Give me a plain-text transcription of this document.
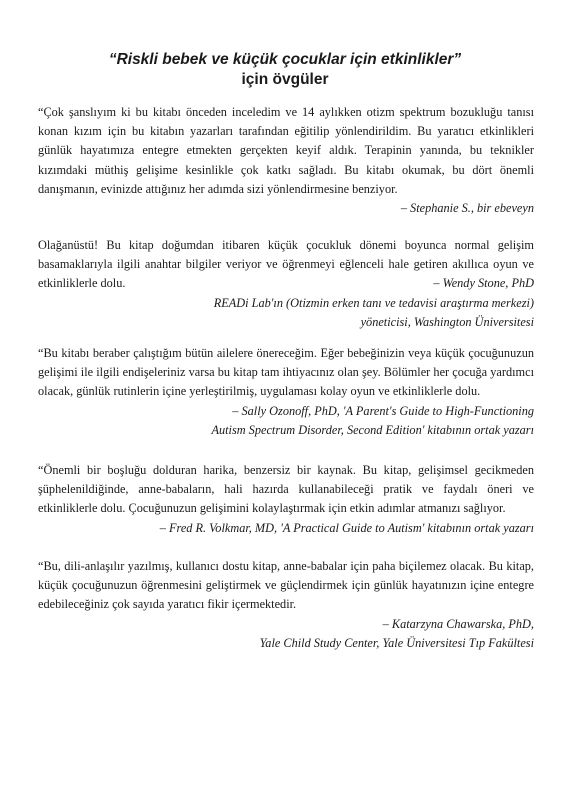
“Riskli bebek ve küçük çocuklar için etkinlikler”
için övgüler

“Çok şanslıyım ki bu kitabı önceden inceledim ve 14 aylıkken otizm spektrum bozukluğu tanısı konan kızım için bu kitabın yazarları tarafından eğitilip yönlendirildim. Bu yaratıcı etkinlikleri günlük hayatımıza entegre etmekten gerçekten keyif aldık. Terapinin yanında, bu teknikler kızımdaki müthiş gelişime kesinlikle çok katkı sağladı. Bu kitabı okumak, bu dört önemli danışmanın, evinizde attığınız her adımda sizi yönlendirmesine benziyor.

– Stephanie S., bir ebeveyn

Olağanüstü! Bu kitap doğumdan itibaren küçük çocukluk dönemi boyunca normal gelişim basamaklarıyla ilgili anahtar bilgiler veriyor ve öğrenmeyi eğlenceli hale getiren akıllıca oyun ve etkinliklerle dolu.	– Wendy Stone, PhD
READi Lab'ın (Otizmin erken tanı ve tedavisi araştırma merkezi)
yöneticisi, Washington Üniversitesi

“Bu kitabı beraber çalıştığım bütün ailelere önereceğim. Eğer bebeğinizin veya küçük çocuğunuzun gelişimi ile ilgili endişeleriniz varsa bu kitap tam ihtiyacınız olan şey. Bölümler her çocuğa yardımcı olacak, günlük rutinlerin içine yerleştirilmiş, uygulaması kolay oyun ve etkinliklerle dolu.

– Sally Ozonoff, PhD, 'A Parent's Guide to High-Functioning
Autism Spectrum Disorder, Second Edition' kitabının ortak yazarı

“Önemli bir boşluğu dolduran harika, benzersiz bir kaynak. Bu kitap, gelişimsel gecikmeden şüphelenildiğinde, anne-babaların, hali hazırda kullanabileceği pratik ve faydalı öneri ve etkinliklerle dolu. Çocuğunuzun gelişimini kolaylaştırmak için etkin adımlar atmanızı sağlıyor.

– Fred R. Volkmar, MD, 'A Practical Guide to Autism' kitabının ortak yazarı

“Bu, dili-anlaşılır yazılmış, kullanıcı dostu kitap, anne-babalar için paha biçilemez olacak. Bu kitap, küçük çocuğunuzun öğrenmesini geliştirmek ve güçlendirmek için günlük hayatınızın içine entegre edebileceğiniz çok sayıda yaratıcı fikir içermektedir.

– Katarzyna Chawarska, PhD,
Yale Child Study Center, Yale Üniversitesi Tıp Fakültesi
